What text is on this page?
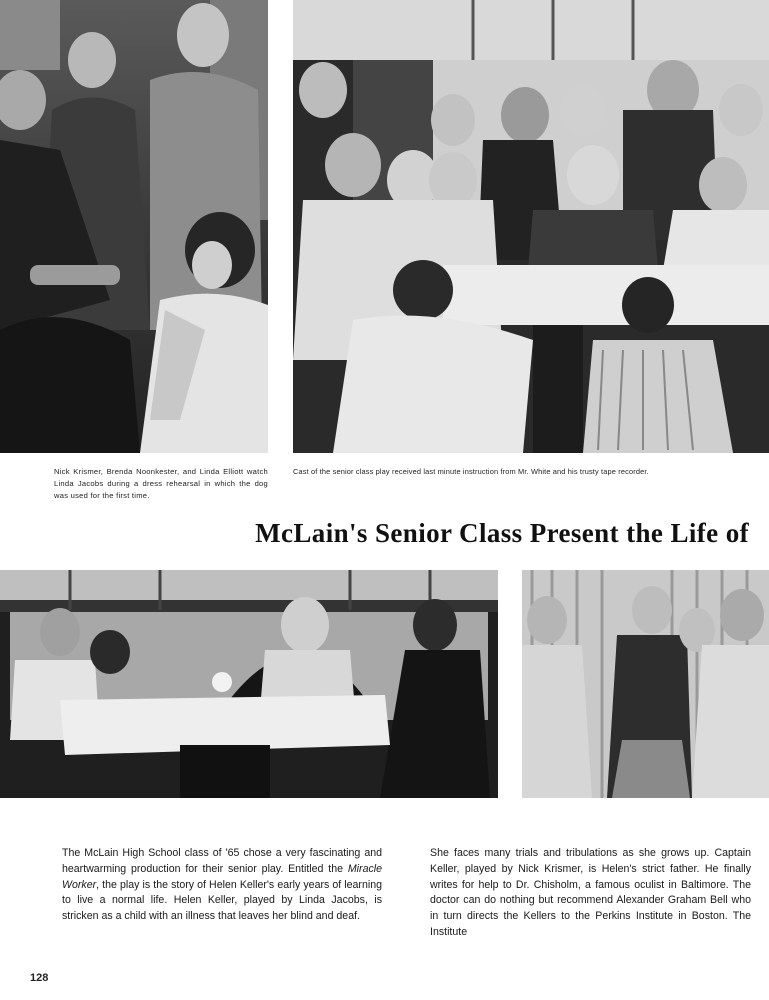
Nick Krismer, Brenda Noonkester, and Linda Elliott watch Linda Jacobs during a dress rehearsal in which the dog was used for the first time.

Cast of the senior class play received last minute instruction from Mr. White and his trusty tape recorder.

McLain's Senior Class Present the Life of

The McLain High School class of '65 chose a very fascinating and heartwarming production for their senior play. Entitled the Miracle Worker, the play is the story of Helen Keller's early years of learning to live a normal life. Helen Keller, played by Linda Jacobs, is stricken as a child with an illness that leaves her blind and deaf.

She faces many trials and tribulations as she grows up. Captain Keller, played by Nick Krismer, is Helen's strict father. He finally writes for help to Dr. Chisholm, a famous oculist in Baltimore. The doctor can do nothing but recommend Alexander Graham Bell who in turn directs the Kellers to the Perkins Institute in Boston. The Institute

128
